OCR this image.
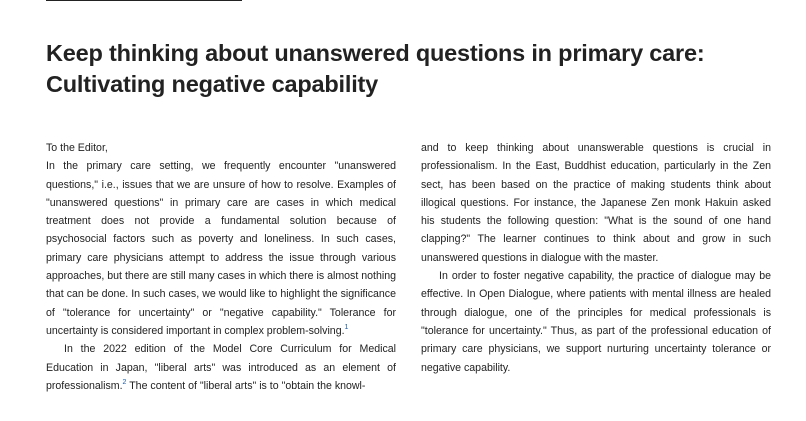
Keep thinking about unanswered questions in primary care:
Cultivating negative capability

To the Editor,

In the primary care setting, we frequently encounter "unanswered questions," i.e., issues that we are unsure of how to resolve. Examples of "unanswered questions" in primary care are cases in which medical treatment does not provide a fundamental solution because of psychosocial factors such as poverty and loneliness. In such cases, primary care physicians attempt to address the issue through various approaches, but there are still many cases in which there is almost nothing that can be done. In such cases, we would like to highlight the significance of "tolerance for uncertainty" or "negative capability." Tolerance for uncertainty is considered important in complex problem-solving.$^1$

In the 2022 edition of the Model Core Curriculum for Medical Education in Japan, "liberal arts" was introduced as an element of professionalism.$^2$ The content of "liberal arts" is to "obtain the knowl-

and to keep thinking about unanswerable questions is crucial in professionalism. In the East, Buddhist education, particularly in the Zen sect, has been based on the practice of making students think about illogical questions. For instance, the Japanese Zen monk Hakuin asked his students the following question: "What is the sound of one hand clapping?" The learner continues to think about and grow in such unanswered questions in dialogue with the master.

In order to foster negative capability, the practice of dialogue may be effective. In Open Dialogue, where patients with mental illness are healed through dialogue, one of the principles for medical professionals is "tolerance for uncertainty." Thus, as part of the professional education of primary care physicians, we support nurturing uncertainty tolerance or negative capability.
